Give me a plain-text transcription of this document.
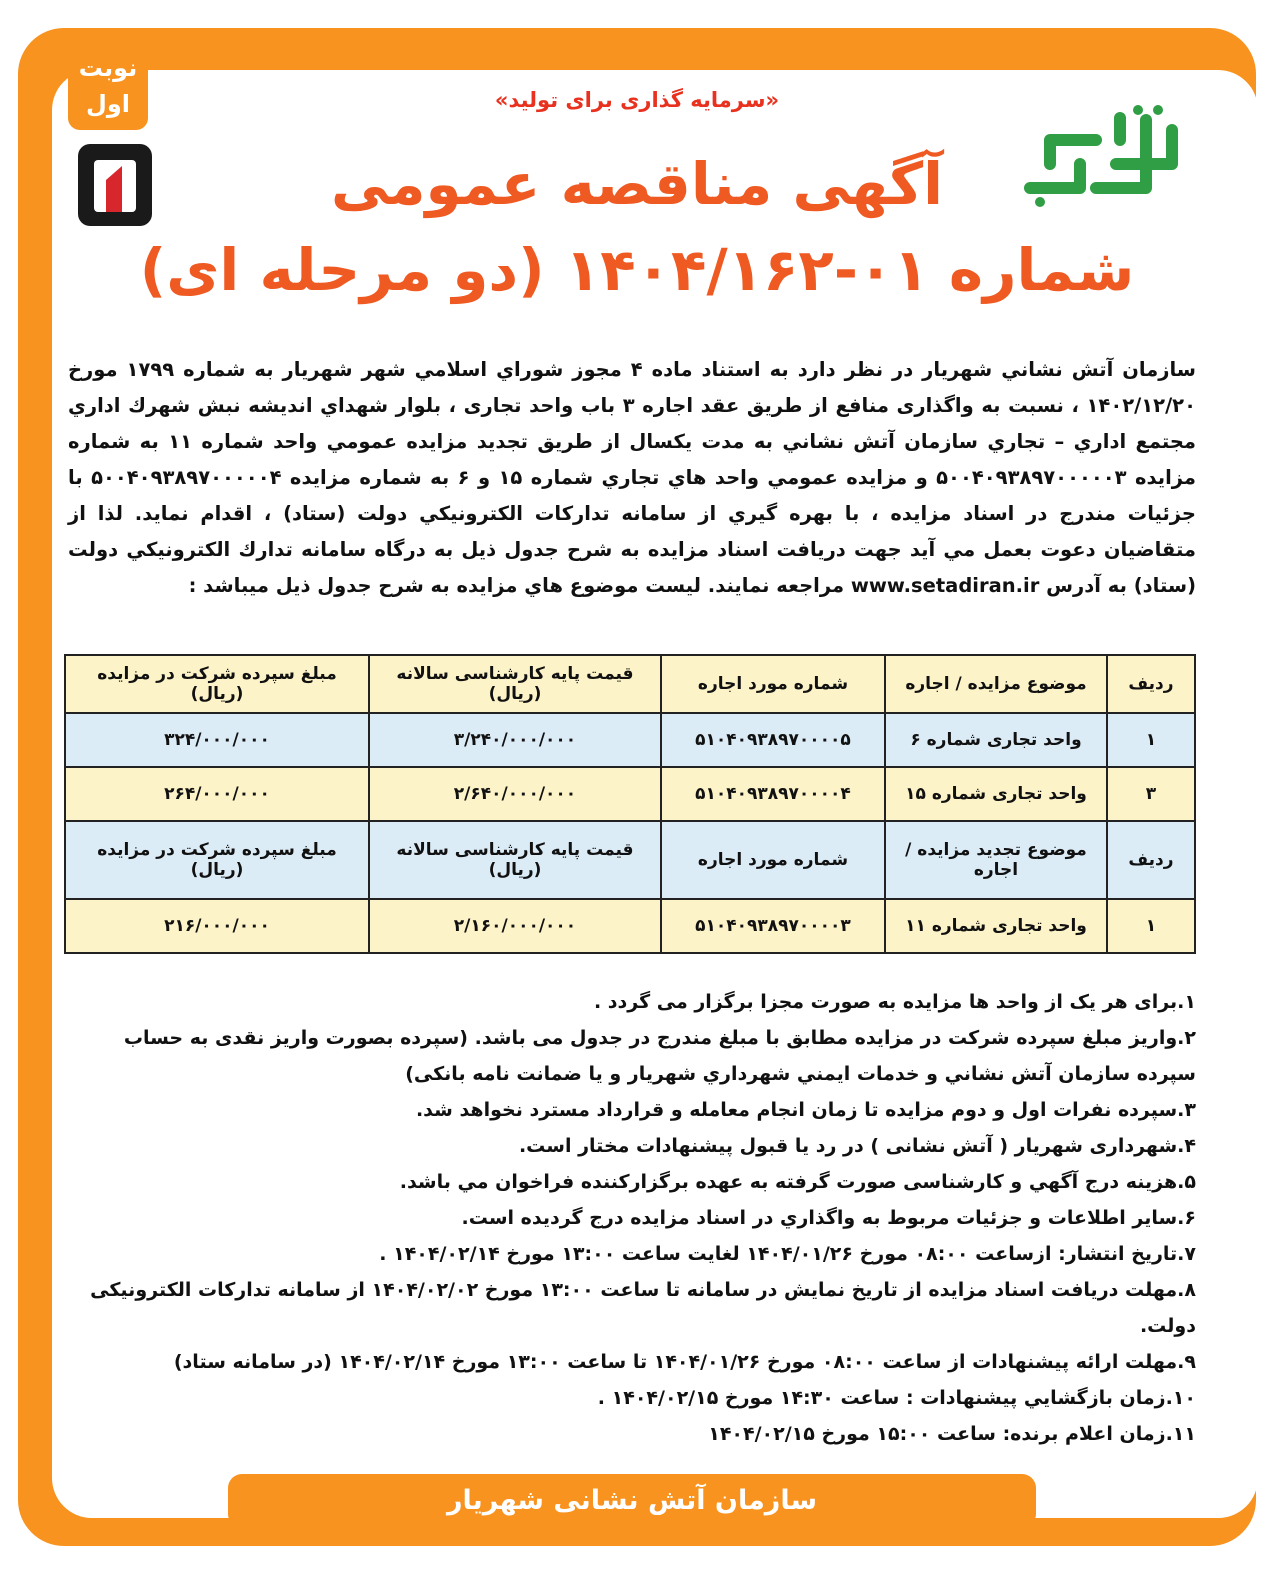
نوبت
اول	«سرمایه گذاری برای تولید»
آگهی مناقصه عمومی
(دو مرحله ای) شماره ۰۱-۱۴۰۴/۱۶۲
سازمان آتش نشاني شهريار در نظر دارد به استناد ماده ۴ مجوز شوراي اسلامي شهر شهريار به شماره ۱۷۹۹ مورخ ۱۴۰۲/۱۲/۲۰ ، نسبت به واگذاری منافع از طريق عقد اجاره ۳ باب واحد تجاری ، بلوار شهداي انديشه نبش شهرك اداري مجتمع اداري – تجاري سازمان آتش نشاني به مدت يكسال از طريق تجديد مزايده عمومي واحد شماره ۱۱ به شماره مزايده ۵۰۰۴۰۹۳۸۹۷۰۰۰۰۰۳ و مزايده عمومي واحد هاي تجاري شماره ۱۵ و ۶ به شماره مزايده ۵۰۰۴۰۹۳۸۹۷۰۰۰۰۰۴ با جزئيات مندرج در اسناد مزايده ، با بهره گيري از سامانه تداركات الكترونيكي دولت (ستاد) ، اقدام نمايد. لذا از متقاضيان دعوت بعمل مي آيد جهت دريافت اسناد مزايده به شرح جدول ذيل به درگاه سامانه تدارك الكترونيكي دولت (ستاد) به آدرس www.setadiran.ir مراجعه نمايند. ليست موضوع هاي مزايده به شرح جدول ذيل ميباشد :
ردیف	موضوع مزایده / اجاره	شماره مورد اجاره	قیمت پایه کارشناسی سالانه (ریال)	مبلغ سپرده شرکت در مزایده (ریال)
۱	واحد تجاری شماره ۶	۵۱۰۴۰۹۳۸۹۷۰۰۰۰۵	۳/۲۴۰/۰۰۰/۰۰۰	۳۲۴/۰۰۰/۰۰۰
۳	واحد تجاری شماره ۱۵	۵۱۰۴۰۹۳۸۹۷۰۰۰۰۴	۲/۶۴۰/۰۰۰/۰۰۰	۲۶۴/۰۰۰/۰۰۰
ردیف	موضوع تجدید مزایده / اجاره	شماره مورد اجاره	قیمت پایه کارشناسی سالانه (ریال)	مبلغ سپرده شرکت در مزایده (ریال)
۱	واحد تجاری شماره ۱۱	۵۱۰۴۰۹۳۸۹۷۰۰۰۰۳	۲/۱۶۰/۰۰۰/۰۰۰	۲۱۶/۰۰۰/۰۰۰
۱.برای هر یک از واحد ها مزایده به صورت مجزا برگزار می گردد .
۲.واریز مبلغ سپرده شرکت در مزایده مطابق با مبلغ مندرج در جدول می باشد. (سپرده بصورت واریز نقدی به حساب سپرده سازمان آتش نشاني و خدمات ايمني شهرداري شهريار و يا ضمانت نامه بانكی)
۳.سپرده نفرات اول و دوم مزایده تا زمان انجام معامله و قرارداد مسترد نخواهد شد.
۴.شهرداری شهریار ( آتش نشانی ) در رد یا قبول پیشنهادات مختار است.
۵.هزينه درج آگهي و كارشناسی صورت گرفته به عهده برگزاركننده فراخوان مي باشد.
۶.ساير اطلاعات و جزئيات مربوط به واگذاري در اسناد مزايده درج گرديده است.
۷.تاريخ انتشار: ازساعت ۰۸:۰۰ مورخ ۱۴۰۴/۰۱/۲۶ لغايت ساعت ۱۳:۰۰ مورخ ۱۴۰۴/۰۲/۱۴ .
۸.مهلت دريافت اسناد مزايده از تاريخ نمايش در سامانه تا ساعت ۱۳:۰۰ مورخ ۱۴۰۴/۰۲/۰۲ از سامانه تداركات الكترونيكی دولت.
۹.مهلت ارائه پيشنهادات از ساعت ۰۸:۰۰ مورخ ۱۴۰۴/۰۱/۲۶ تا ساعت ۱۳:۰۰ مورخ ۱۴۰۴/۰۲/۱۴ (در سامانه ستاد)
۱۰.زمان بازگشايي پيشنهادات : ساعت ۱۴:۳۰ مورخ ۱۴۰۴/۰۲/۱۵ .
۱۱.زمان اعلام برنده: ساعت ۱۵:۰۰ مورخ ۱۴۰۴/۰۲/۱۵
سازمان آتش نشانی شهریار
